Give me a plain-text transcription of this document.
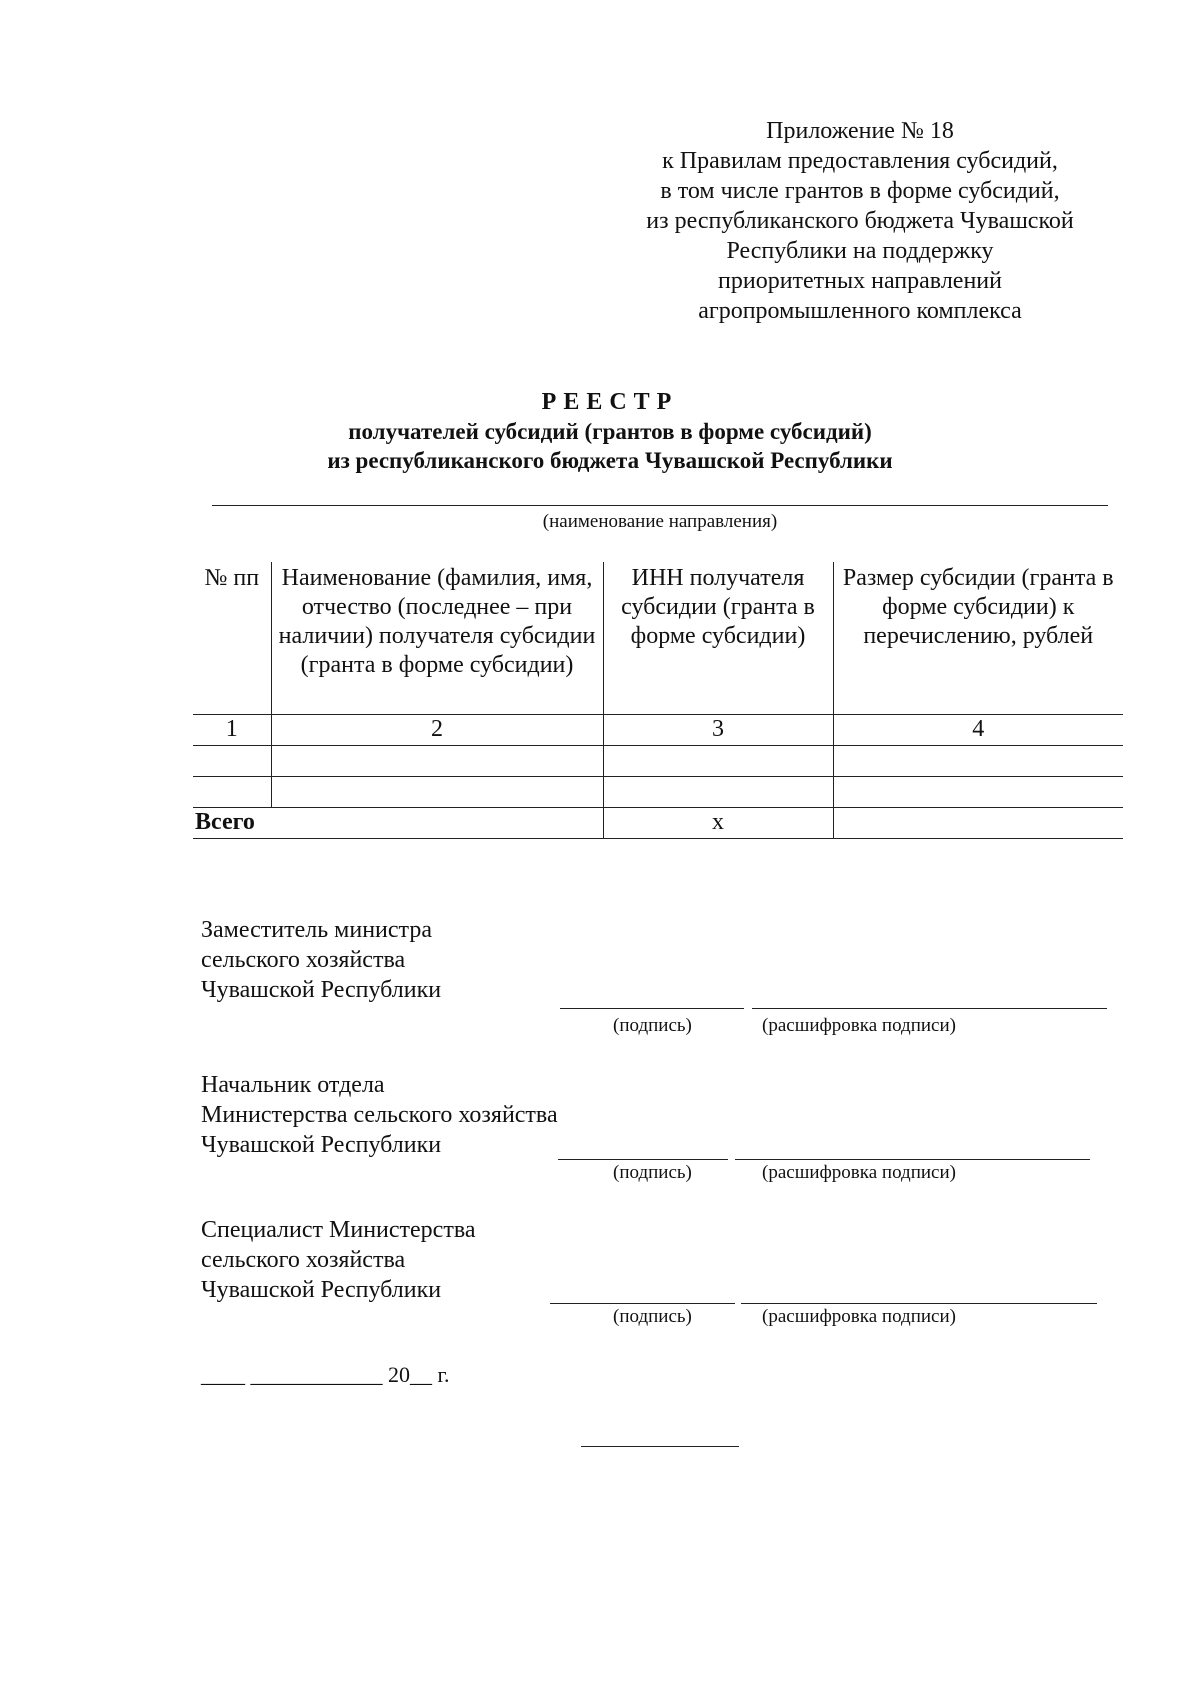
Приложение № 18
к Правилам предоставления субсидий,
в том числе грантов в форме субсидий,
из республиканского бюджета Чувашской
Республики на поддержку
приоритетных направлений
агропромышленного комплекса
РЕЕСТР
получателей субсидий (грантов в форме субсидий)
из республиканского бюджета Чувашской Республики
(наименование направления)
№ пп	Наименование (фамилия, имя, отчество (последнее – при наличии) получателя субсидии (гранта в форме субсидии)	ИНН получателя субсидии (гранта в форме субсидии)	Размер субсидии (гранта в форме субсидии) к перечислению, рублей
1	2	3	4

Всего		х	
Заместитель министра
сельского хозяйства
Чувашской Республики
(подпись)	(расшифровка подписи)
Начальник отдела
Министерства сельского хозяйства
Чувашской Республики
(подпись)	(расшифровка подписи)
Специалист Министерства
сельского хозяйства
Чувашской Республики
(подпись)	(расшифровка подписи)
____ ____________ 20__ г.
